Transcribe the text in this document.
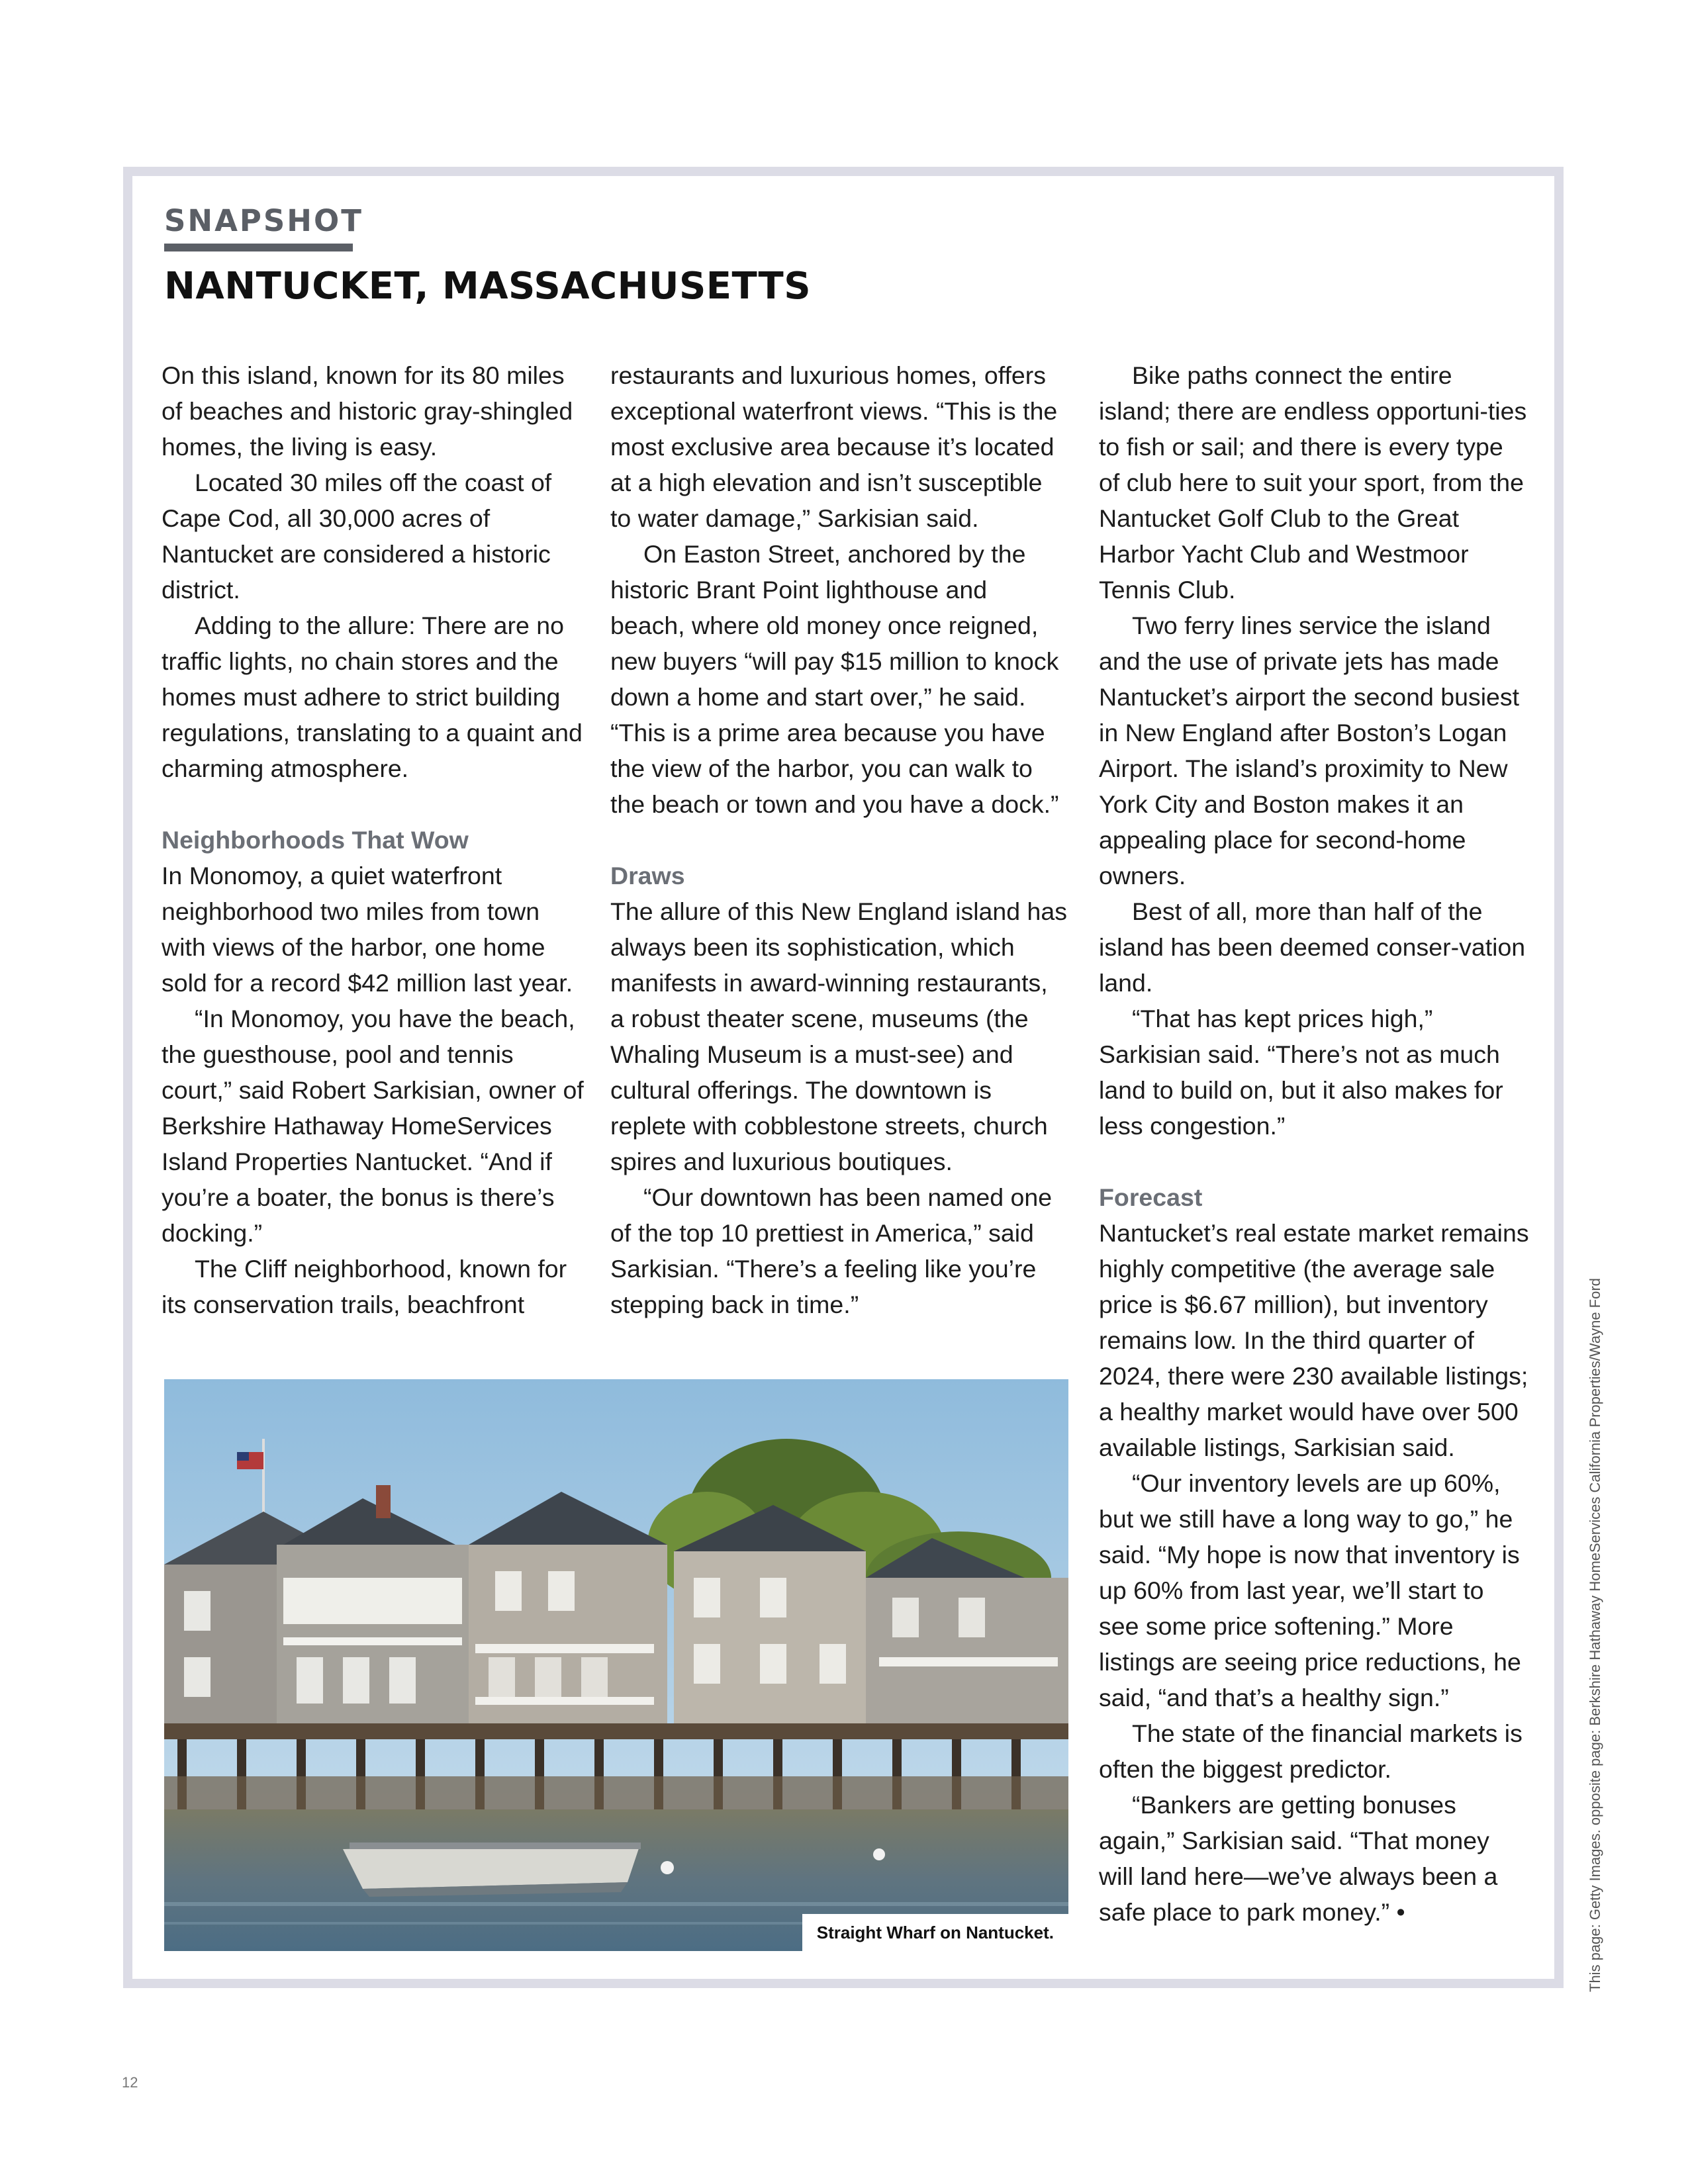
SNAPSHOT
NANTUCKET, MASSACHUSETTS

On this island, known for its 80 miles of beaches and historic gray-shingled homes, the living is easy.

Located 30 miles off the coast of Cape Cod, all 30,000 acres of Nantucket are considered a historic district.

Adding to the allure: There are no traffic lights, no chain stores and the homes must adhere to strict building regulations, translating to a quaint and charming atmosphere.

Neighborhoods That Wow

In Monomoy, a quiet waterfront neighborhood two miles from town with views of the harbor, one home sold for a record $42 million last year.

“In Monomoy, you have the beach, the guesthouse, pool and tennis court,” said Robert Sarkisian, owner of Berkshire Hathaway HomeServices Island Properties Nantucket. “And if you’re a boater, the bonus is there’s docking.”

The Cliff neighborhood, known for its conservation trails, beachfront

restaurants and luxurious homes, offers exceptional waterfront views. “This is the most exclusive area because it’s located at a high elevation and isn’t susceptible to water damage,” Sarkisian said.

On Easton Street, anchored by the historic Brant Point lighthouse and beach, where old money once reigned, new buyers “will pay $15 million to knock down a home and start over,” he said. “This is a prime area because you have the view of the harbor, you can walk to the beach or town and you have a dock.”

Draws

The allure of this New England island has always been its sophistication, which manifests in award-winning restaurants, a robust theater scene, museums (the Whaling Museum is a must-see) and cultural offerings. The downtown is replete with cobblestone streets, church spires and luxurious boutiques.

“Our downtown has been named one of the top 10 prettiest in America,” said Sarkisian. “There’s a feeling like you’re stepping back in time.”

Bike paths connect the entire island; there are endless opportuni-ties to fish or sail; and there is every type of club here to suit your sport, from the Nantucket Golf Club to the Great Harbor Yacht Club and Westmoor Tennis Club.

Two ferry lines service the island and the use of private jets has made Nantucket’s airport the second busiest in New England after Boston’s Logan Airport. The island’s proximity to New York City and Boston makes it an appealing place for second-home owners.

Best of all, more than half of the island has been deemed conser-vation land.

“That has kept prices high,” Sarkisian said. “There’s not as much land to build on, but it also makes for less congestion.”

Forecast

Nantucket’s real estate market remains highly competitive (the average sale price is $6.67 million), but inventory remains low. In the third quarter of 2024, there were 230 available listings; a healthy market would have over 500 available listings, Sarkisian said.

“Our inventory levels are up 60%, but we still have a long way to go,” he said. “My hope is now that inventory is up 60% from last year, we’ll start to see some price softening.” More listings are seeing price reductions, he said, “and that’s a healthy sign.”

The state of the financial markets is often the biggest predictor.

“Bankers are getting bonuses again,” Sarkisian said. “That money will land here—we’ve always been a safe place to park money.” •

Straight Wharf on Nantucket.	This page: Getty Images. opposite page: Berkshire Hathaway HomeServices California Properties/Wayne Ford
12
